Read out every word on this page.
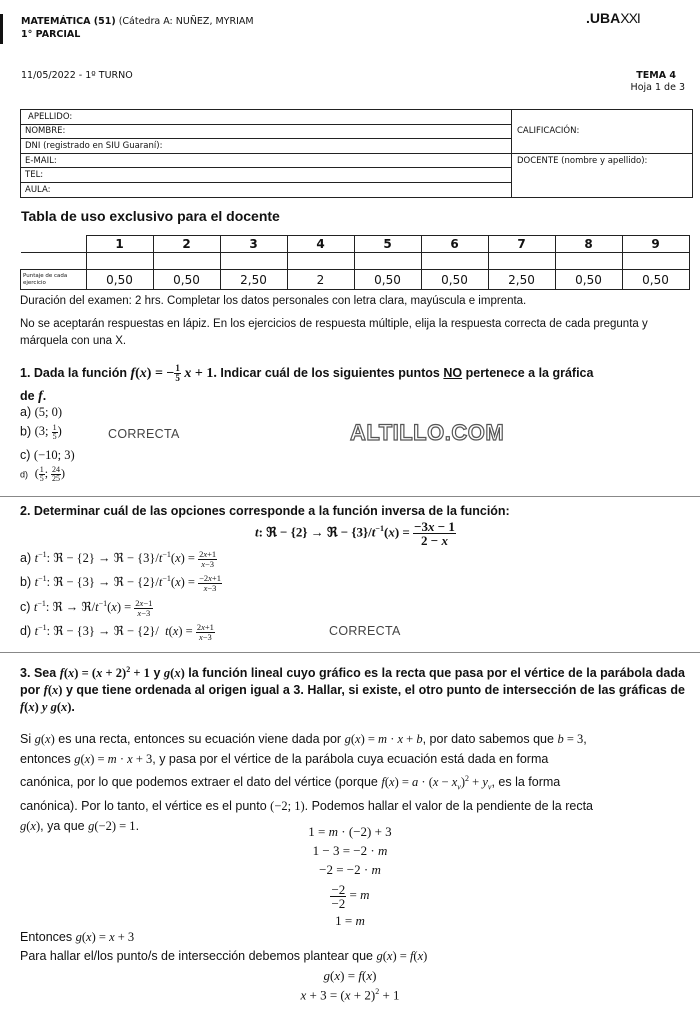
MATEMÁTICA (51) (Cátedra A: NUÑEZ, MYRIAM
1° PARCIAL
.UBAXXI
11/05/2022 - 1º TURNO	TEMA 4
Hoja 1 de 3
APELLIDO:	CALIFICACIÓN:
NOMBRE:	
DNI (registrado en SIU Guaraní):	
E-MAIL:	DOCENTE (nombre y apellido):
TEL:	
AULA:	
Tabla de uso exclusivo para el docente
	1	2	3	4	5	6	7	8	9

Puntaje de cada ejercicio	0,50	0,50	2,50	2	0,50	0,50	2,50	0,50	0,50
Duración del examen: 2 hrs. Completar los datos personales con letra clara, mayúscula e imprenta.
No se aceptarán respuestas en lápiz. En los ejercicios de respuesta múltiple, elija la respuesta correcta de cada pregunta y márquela con una X.
1. Dada la función f(x) = − $\frac{1}{5}$ x + 1. Indicar cuál de los siguientes puntos NO pertenece a la gráfica
de f.
a) (5; 0)
b) (3; $\frac{1}{5}$ )	CORRECTA	ALTILLO.COM
c) (−10; 3)
d) ( $\frac{1}{5}$ ; $\frac{24}{25}$ )
2. Determinar cuál de las opciones corresponde a la función inversa de la función:
t: ℜ − {2} → ℜ − $\{3\}/t^{-1}(x) = \frac{-3x - 1}{2 - x}$
a) $t^{-1}$: ℜ − {2} → ℜ − $\{3\}/t^{-1}(x) = \frac{2x+1}{x-3}$
b) $t^{-1}$: ℜ − {3} → ℜ − $\{2\}/t^{-1}(x) = \frac{-2x+1}{x-3}$
c) $t^{-1}$: ℜ → $ℜ/t^{-1}(x) = \frac{2x-1}{x-3}$
d) $t^{-1}$: ℜ − {3} → ℜ − {2}/  $t(x) = \frac{2x+1}{x-3}$	CORRECTA
3. Sea $f(x) = (x + 2)^2 + 1$ y g(x) la función lineal cuyo gráfico es la recta que pasa por el vértice de la parábola dada por f(x) y que tiene ordenada al origen igual a 3. Hallar, si existe, el otro punto de intersección de las gráficas de f(x) y g(x).
Si g(x) es una recta, entonces su ecuación viene dada por g(x) = m · x + b, por dato sabemos que b = 3,
entonces g(x) = m · x + 3, y pasa por el vértice de la parábola cuya ecuación está dada en forma
canónica, por lo que podemos extraer el dato del vértice (porque $f(x) = a \cdot (x - x_v)^2 + y_v$, es la forma
canónica). Por lo tanto, el vértice es el punto (−2; 1). Podemos hallar el valor de la pendiente de la recta
g(x), ya que g(−2) = 1.	1 = m · (−2) + 3
1 − 3 = −2 · m
−2 = −2 · m
$\frac{-2}{-2} = m$
1 = m
Entonces g(x) = x + 3
Para hallar el/los punto/s de intersección debemos plantear que g(x) = f(x)
g(x) = f(x)
$x + 3 = (x + 2)^2 + 1$
